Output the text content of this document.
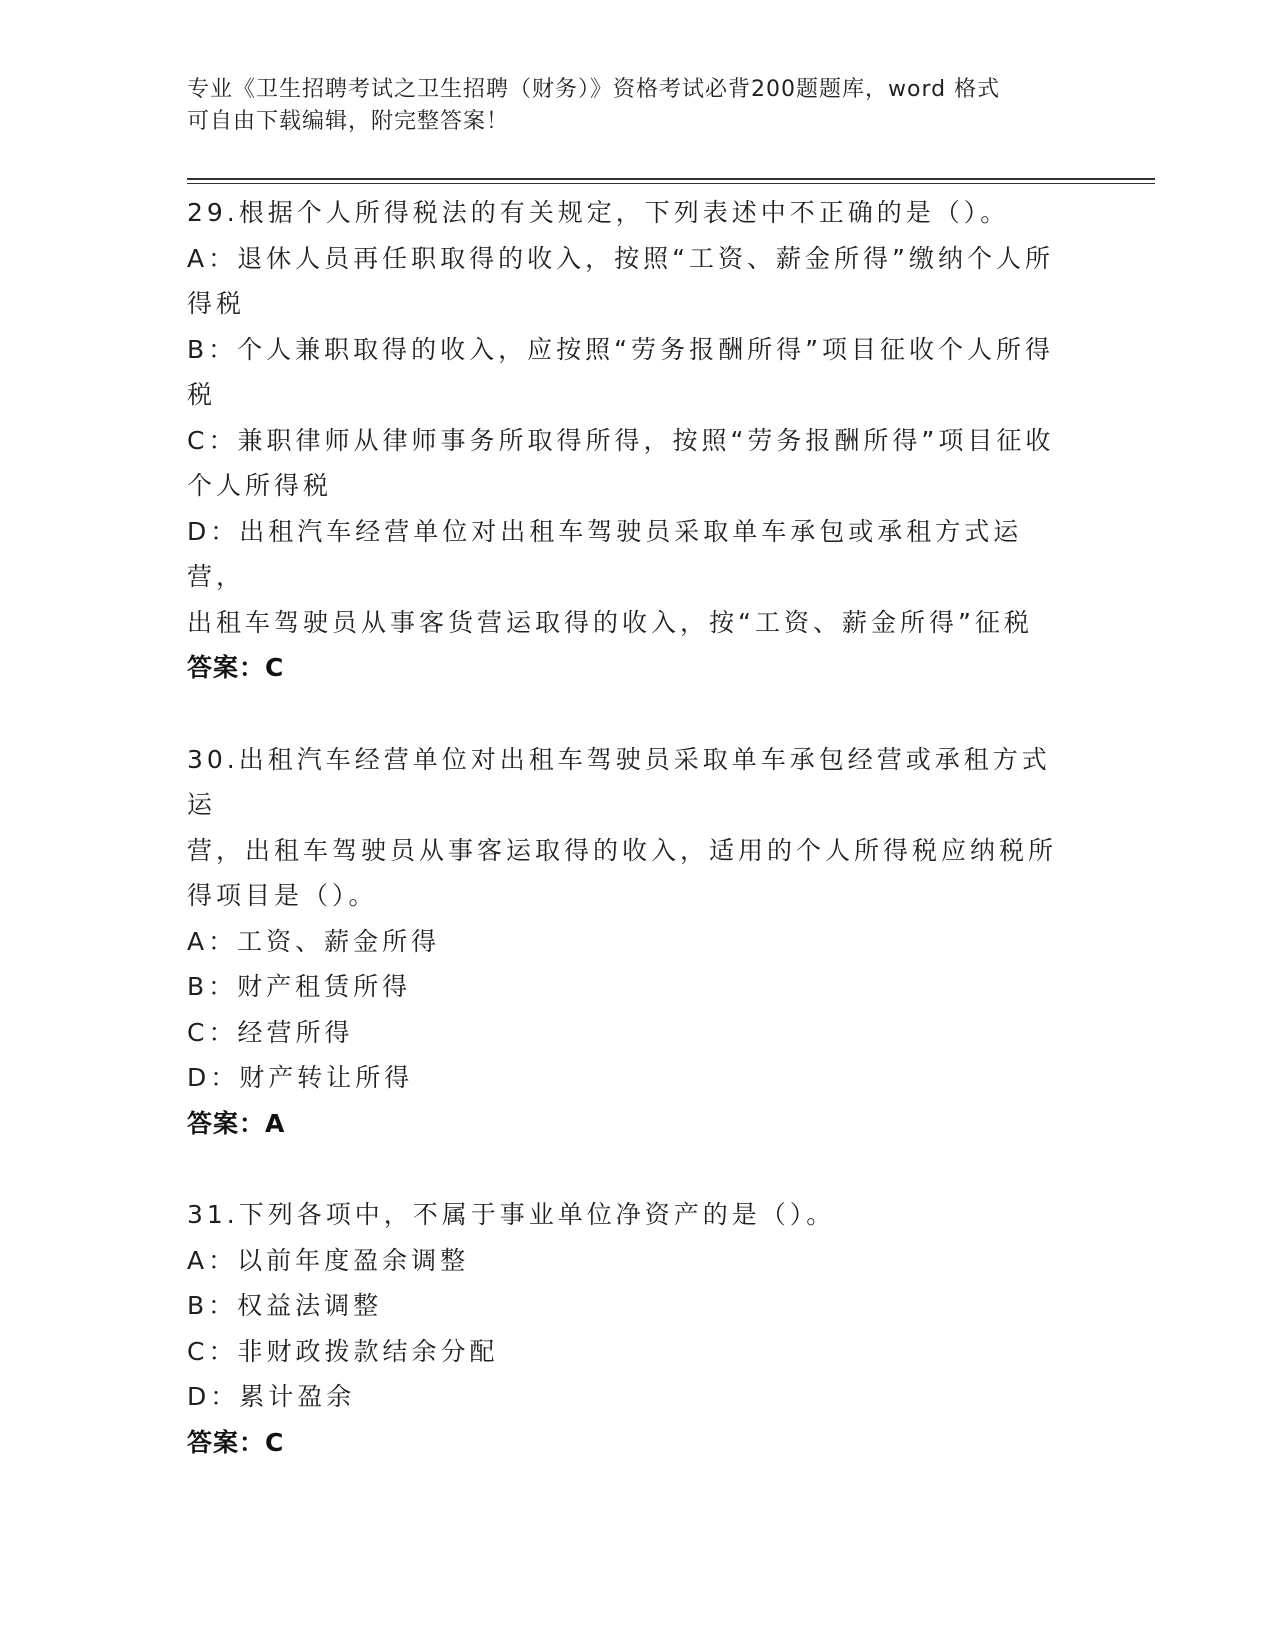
专业《卫生招聘考试之卫生招聘（财务）》资格考试必背200题题库，word 格式
可自由下载编辑，附完整答案！
29.根据个人所得税法的有关规定，下列表述中不正确的是（）。
A：退休人员再任职取得的收入，按照“工资、薪金所得”缴纳个人所
得税
B：个人兼职取得的收入，应按照“劳务报酬所得”项目征收个人所得
税
C：兼职律师从律师事务所取得所得，按照“劳务报酬所得”项目征收
个人所得税
D：出租汽车经营单位对出租车驾驶员采取单车承包或承租方式运营，
出租车驾驶员从事客货营运取得的收入，按“工资、薪金所得”征税
答案：C
30.出租汽车经营单位对出租车驾驶员采取单车承包经营或承租方式运
营，出租车驾驶员从事客运取得的收入，适用的个人所得税应纳税所
得项目是（）。
A：工资、薪金所得
B：财产租赁所得
C：经营所得
D：财产转让所得
答案：A
31.下列各项中，不属于事业单位净资产的是（）。
A：以前年度盈余调整
B：权益法调整
C：非财政拨款结余分配
D：累计盈余
答案：C
